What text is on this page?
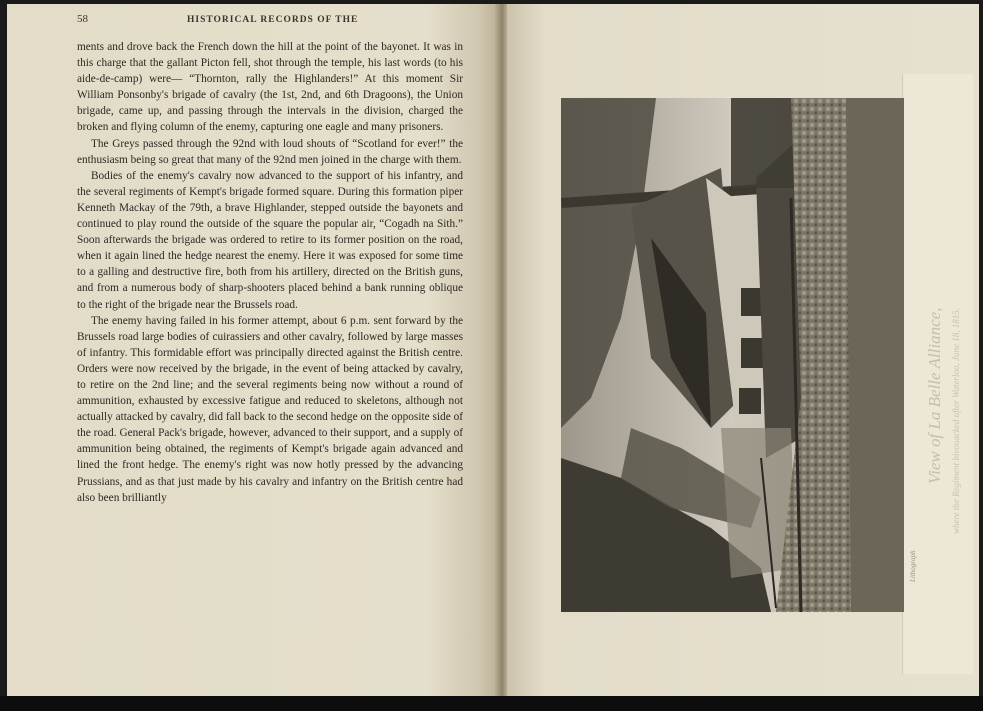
58	HISTORICAL RECORDS OF THE

ments and drove back the French down the hill at the point of the bayonet. It was in this charge that the gallant Picton fell, shot through the temple, his last words (to his aide-de-camp) were— “Thornton, rally the Highlanders!” At this moment Sir William Ponsonby's brigade of cavalry (the 1st, 2nd, and 6th Dragoons), the Union brigade, came up, and passing through the intervals in the division, charged the broken and flying column of the enemy, capturing one eagle and many prisoners.

The Greys passed through the 92nd with loud shouts of “Scotland for ever!” the enthusiasm being so great that many of the 92nd men joined in the charge with them.

Bodies of the enemy's cavalry now advanced to the support of his infantry, and the several regiments of Kempt's brigade formed square. During this formation piper Kenneth Mackay of the 79th, a brave Highlander, stepped outside the bayonets and continued to play round the outside of the square the popular air, “Cogadh na Sith.” Soon afterwards the brigade was ordered to retire to its former position on the road, when it again lined the hedge nearest the enemy. Here it was exposed for some time to a galling and destructive fire, both from his artillery, directed on the British guns, and from a numerous body of sharp-shooters placed behind a bank running oblique to the right of the brigade near the Brussels road.

The enemy having failed in his former attempt, about 6 p.m. sent forward by the Brussels road large bodies of cuirassiers and other cavalry, followed by large masses of infantry. This formidable effort was principally directed against the British centre. Orders were now received by the brigade, in the event of being attacked by cavalry, to retire on the 2nd line; and the several regiments being now without a round of ammunition, exhausted by excessive fatigue and reduced to skeletons, although not actually attacked by cavalry, did fall back to the second hedge on the opposite side of the road. General Pack's brigade, however, advanced to their support, and a supply of ammunition being obtained, the regiments of Kempt's brigade again advanced and lined the front hedge. The enemy's right was now hotly pressed by the advancing Prussians, and as that just made by his cavalry and infantry on the British centre had also been brilliantly

View of La Belle Alliance, where the Regiment bivouacked after Waterloo, June 18, 1815.
Lithograph
